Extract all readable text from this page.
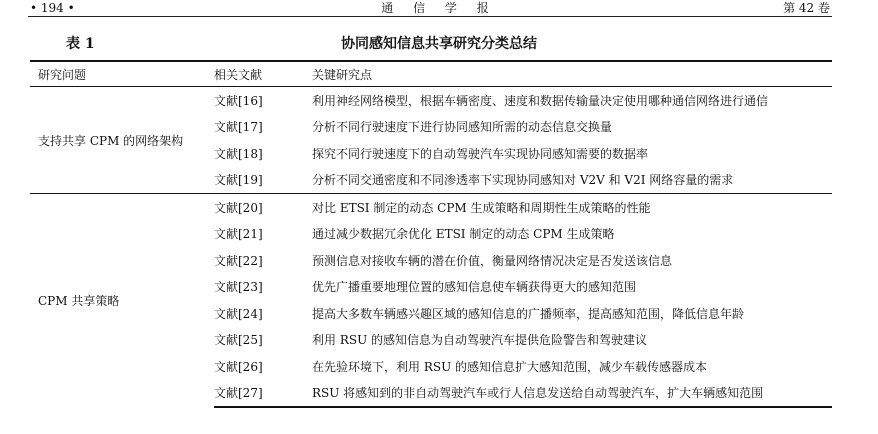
• 194 •	通 信 学 报	第 42 卷
协同感知信息共享研究分类总结
表 1
研究问题	相关文献	关键研究点
支持共享 CPM 的网络架构	文献[16]	利用神经网络模型，根据车辆密度、速度和数据传输量决定使用哪种通信网络进行通信
	文献[17]	分析不同行驶速度下进行协同感知所需的动态信息交换量
	文献[18]	探究不同行驶速度下的自动驾驶汽车实现协同感知需要的数据率
	文献[19]	分析不同交通密度和不同渗透率下实现协同感知对 V2V 和 V2I 网络容量的需求
CPM 共享策略	文献[20]	对比 ETSI 制定的动态 CPM 生成策略和周期性生成策略的性能
	文献[21]	通过减少数据冗余优化 ETSI 制定的动态 CPM 生成策略
	文献[22]	预测信息对接收车辆的潜在价值，衡量网络情况决定是否发送该信息
	文献[23]	优先广播重要地理位置的感知信息使车辆获得更大的感知范围
	文献[24]	提高大多数车辆感兴趣区域的感知信息的广播频率，提高感知范围，降低信息年龄
	文献[25]	利用 RSU 的感知信息为自动驾驶汽车提供危险警告和驾驶建议
	文献[26]	在先验环境下，利用 RSU 的感知信息扩大感知范围，减少车载传感器成本
	文献[27]	RSU 将感知到的非自动驾驶汽车或行人信息发送给自动驾驶汽车，扩大车辆感知范围
